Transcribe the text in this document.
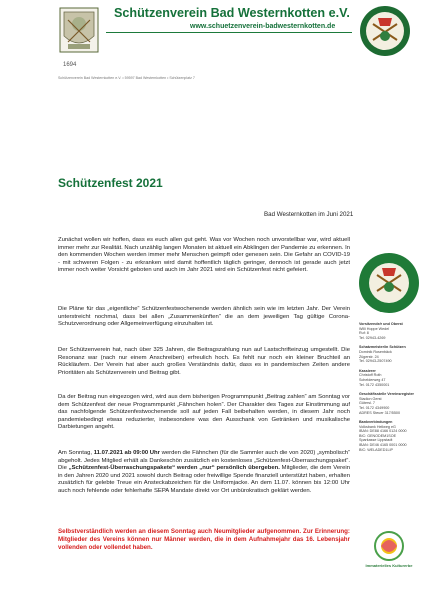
Schützenverein Bad Westernkotten e.V.
www.schuetzenverein-badwesternkotten.de
1694
Schützenverein Bad Westernkotten e.V. • 59597 Bad Westernkotten • Schützenplatz 7
Schützenfest 2021
Bad Westernkotten im Juni 2021

Zunächst wollen wir hoffen, dass es euch allen gut geht. Was vor Wochen noch unvorstellbar war, wird aktuell immer mehr zur Realität. Nach unzählig langen Monaten ist aktuell ein Abklingen der Pandemie zu erkennen. In den kommenden Wochen werden immer mehr Menschen geimpft oder genesen sein. Die Gefahr an COVID-19 - mit schweren Folgen - zu erkranken wird damit hoffentlich täglich geringer, dennoch ist gerade auch jetzt immer noch weiter Vorsicht geboten und auch im Jahr 2021 wird ein Schützenfest nicht gefeiert.

Die Pläne für das „eigentliche“ Schützenfestwochenende werden ähnlich sein wie im letzten Jahr. Der Verein unterstreicht nochmal, dass bei allen „Zusammenkünften“ die an dem jeweiligen Tag gültige Corona-Schutzverordnung oder Allgemeinverfügung einzuhalten ist.

Der Schützenverein hat, nach über 325 Jahren, die Beitragszahlung nun auf Lastschrifteinzug umgestellt. Die Resonanz war (nach nur einem Anschreiben) erfreulich hoch. Es fehlt nur noch ein kleiner Bruchteil an Rückläufern. Der Verein hat aber auch großes Verständnis dafür, dass es in pandemischen Zeiten andere Prioritäten als Schützenverein und Beitrag gibt.

Da der Beitrag nun eingezogen wird, wird aus dem bisherigen Programmpunkt „Beitrag zahlen“ am Sonntag vor dem Schützenfest der neue Programmpunkt „Fähnchen holen“. Der Charakter des Tages zur Einstimmung auf das nachfolgende Schützenfestwochenende soll auf jeden Fall beibehalten werden, in diesem Jahr noch pandemiebedingt etwas reduzierter, insbesondere was den Ausschank von Getränken und musikalische Darbietungen angeht.

Am Sonntag, 11.07.2021 ab 09:00 Uhr werden die Fähnchen (für die Sammler auch die von 2020) „symbolisch“ abgeholt. Jedes Mitglied erhält als Dankeschön zusätzlich ein kostenloses „Schützenfest-Überraschungspaket“. Die „Schützenfest-Überraschungspakete“ werden „nur“ persönlich übergeben. Mitglieder, die dem Verein in den Jahren 2020 und 2021 sowohl durch Beitrag oder freiwillige Spende finanziell unterstützt haben, erhalten zusätzlich für gelebte Treue ein Ansteckabzeichen für die Uniformjacke. An dem 11.07. können bis 12:00 Uhr auch noch fehlende oder fehlerhafte SEPA Mandate direkt vor Ort unbürokratisch geklärt werden.

Selbstverständlich werden an diesem Sonntag auch Neumitglieder aufgenommen. Zur Erinnerung: Mitglieder des Vereins können nur Männer werden, die in dem Aufnahmejahr das 16. Lebensjahr vollenden oder vollendet haben.

Vorsitzende/r und Oberst
Willi Hoppe Wedel
Ruf: 8
Tel. 02943-4269
Schatzmeister/in Schützen
Dominik Rosenbäck
Zügerstr. 24
Tel. 02943-2507490
Kassierer
Christoff Roth
Schelderweg 47
Tel. 0172 4350001
Geschäftsstelle Vereinsregister
Stadion Gerst
Gütersl. 7
Tel. 0172 4349900
ADRES Steuer 317/5500
Bankverbindungen
Volksbank Hellweg eG
IBAN: DE88 4166 0124 0000
BIC: GENODEM1SOE
Sparkasse Lippstadt
IBAN: DE46 4165 0001 0000
BIC: WELADED1LIP
Immaterielles Kulturerbe
